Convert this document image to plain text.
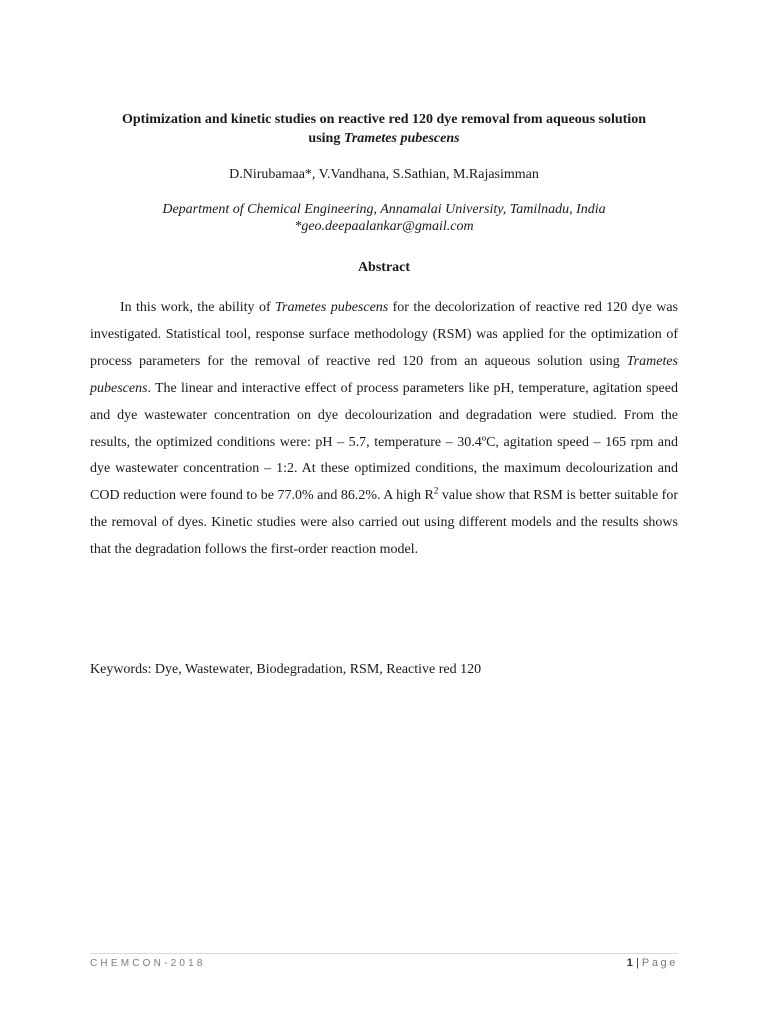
Optimization and kinetic studies on reactive red 120 dye removal from aqueous solution
using Trametes pubescens
D.Nirubamaa*, V.Vandhana, S.Sathian, M.Rajasimman
Department of Chemical Engineering, Annamalai University, Tamilnadu, India
*geo.deepaalankar@gmail.com
Abstract
In this work, the ability of Trametes pubescens for the decolorization of reactive red 120 dye was investigated. Statistical tool, response surface methodology (RSM) was applied for the optimization of process parameters for the removal of reactive red 120 from an aqueous solution using Trametes pubescens. The linear and interactive effect of process parameters like pH, temperature, agitation speed and dye wastewater concentration on dye decolourization and degradation were studied. From the results, the optimized conditions were: pH – 5.7, temperature – 30.4ºC, agitation speed – 165 rpm and dye wastewater concentration – 1:2. At these optimized conditions, the maximum decolourization and COD reduction were found to be 77.0% and 86.2%. A high $R^2$ value show that RSM is better suitable for the removal of dyes. Kinetic studies were also carried out using different models and the results shows that the degradation follows the first-order reaction model.
Keywords: Dye, Wastewater, Biodegradation, RSM, Reactive red 120
CHEMCON-2018	1 | Page
